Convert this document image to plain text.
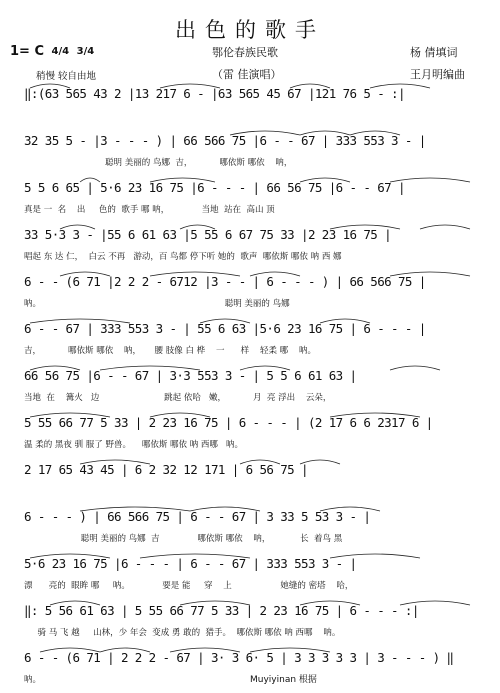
出色的歌手
1= C 4/4 3/4
稍慢 较自由地
鄂伦春族民歌
（雷 佳演唱）
杨 倩填词
王月明编曲
‖:(63 565 43 2 |13 217 6 - |63 565 45 67 |121 76 5 - :|
32 35 5 - |3 - - - ) | 66 566 75 |6 - - 67 | 333 553 3 - |
聪明 美丽的 鸟娜  吉，          哪依斯 哪依    呐，
5 5 6 65 | 5·6 23 16 75 |6 - - - | 66 56 75 |6 - - 67 |
真是 一  名    出     色的  歌手 哪 呐，            当地  站在  高山 顶
33 5·3 3 - |55 6 61 63 |5 55 6 67 75 33 |2 23 16 75 |
唱起 东 达 仁，  白云 不再   游动，百 鸟都 停下听 她的  歌声  哪依斯 哪依 呐 西 娜
6 - - (6 71 |2 2 2 - 6712 |3 - - | 6 - - - ) | 66 566 75 |
呐。                                                                    聪明 美丽的 鸟娜
6 - - 67 | 333 553 3 - | 55 6 63 |5·6 23 16 75 | 6 - - - |
吉，          哪依斯 哪依    呐，     腰 肢像 白 桦    一      样    轻柔 哪    呐。
66 56 75 |6 - - 67 | 3·3 553 3 - | 5 5 6 61 63 |
当地  在    篝火   边                        跳起 依哈   嫩，          月  亮 浮出    云朵，
5 55 66 77 5 33 | 2 23 16 75 | 6 - - - | (2 17 6 6 2317 6 |
温 柔的 黑夜 驯 服了 野兽。    哪依斯 哪依 呐 西哪   呐。
2 17 65 43 45 | 6 2 32 12 171 | 6 56 75 |
6 - - - ) | 66 566 75 | 6 - - 67 | 3 33 5 53 3 - |
聪明 美丽的 鸟娜  吉              哪依斯 哪依    呐，           长  着鸟 黑
5·6 23 16 75 |6 - - - | 6 - - 67 | 333 553 3 - |
漂      亮的  眼眸 哪     呐。            要是 能     穿    上                  她缝的 密塔    哈，
‖: 5 56 61 63 | 5 55 66 77 5 33 | 2 23 16 75 | 6 - - - :|
骑 马 飞 越     山林，少 年会  变成 勇 敢的  猎手。  哪依斯 哪依 呐 西哪    呐。
6 - - (6 71 | 2 2 2 - 67 | 3· 3 6· 5 | 3 3 3 3 3 | 3 - - - ) ‖
呐。	Muyiyinan 根据
